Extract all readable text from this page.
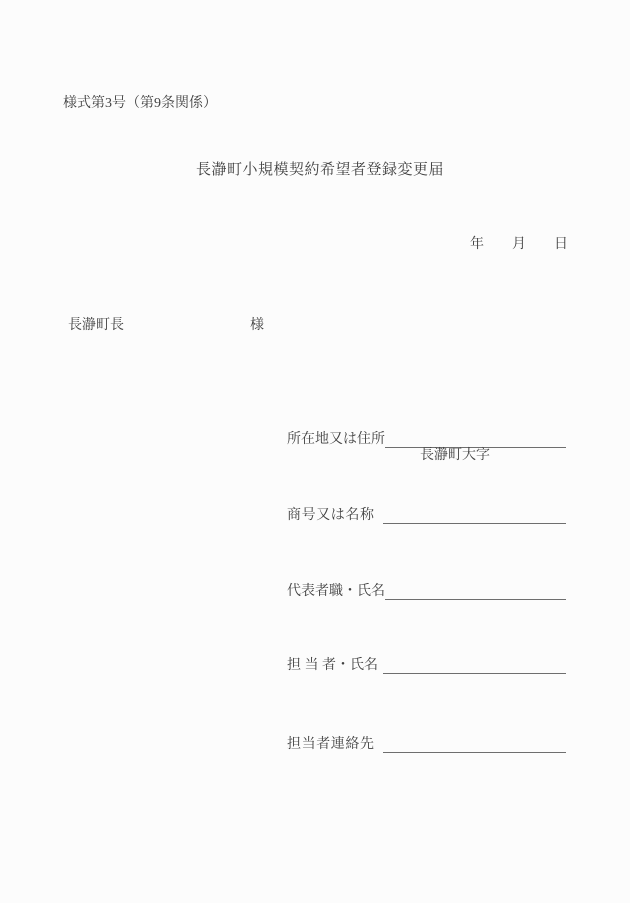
様式第3号（第9条関係）
長瀞町小規模契約希望者登録変更届
年　　月　　日
長瀞町長	様
所在地又は住所

長瀞町大字

商号又は名称

代表者職・氏名

担 当 者・氏名

担当者連絡先
